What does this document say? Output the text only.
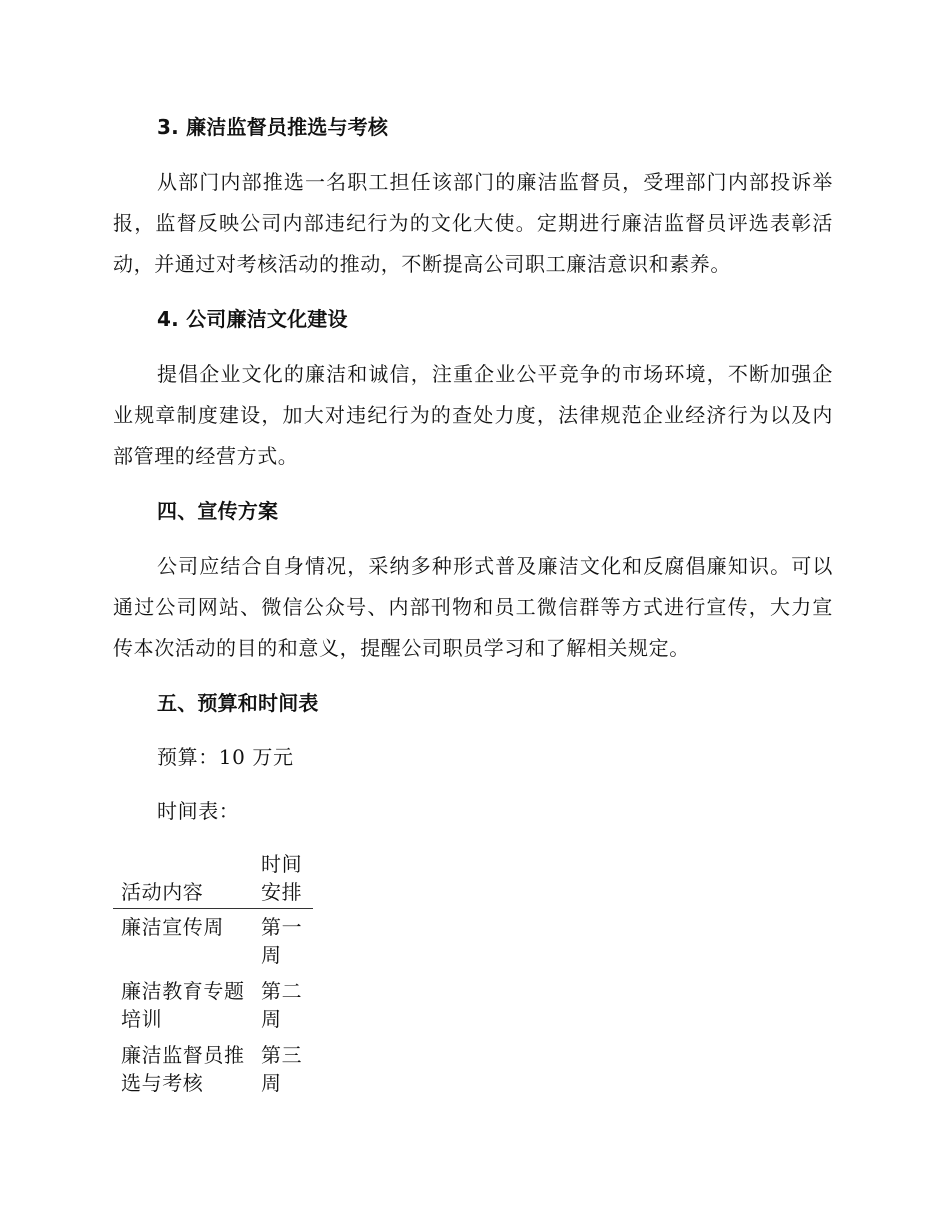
3. 廉洁监督员推选与考核

从部门内部推选一名职工担任该部门的廉洁监督员，受理部门内部投诉举报，监督反映公司内部违纪行为的文化大使。定期进行廉洁监督员评选表彰活动，并通过对考核活动的推动，不断提高公司职工廉洁意识和素养。

4. 公司廉洁文化建设

提倡企业文化的廉洁和诚信，注重企业公平竞争的市场环境，不断加强企业规章制度建设，加大对违纪行为的查处力度，法律规范企业经济行为以及内部管理的经营方式。

四、宣传方案

公司应结合自身情况，采纳多种形式普及廉洁文化和反腐倡廉知识。可以通过公司网站、微信公众号、内部刊物和员工微信群等方式进行宣传，大力宣传本次活动的目的和意义，提醒公司职员学习和了解相关规定。

五、预算和时间表

预算：10 万元

时间表：

活动内容	时间安排
廉洁宣传周	第一周
廉洁教育专题培训	第二周
廉洁监督员推选与考核	第三周
